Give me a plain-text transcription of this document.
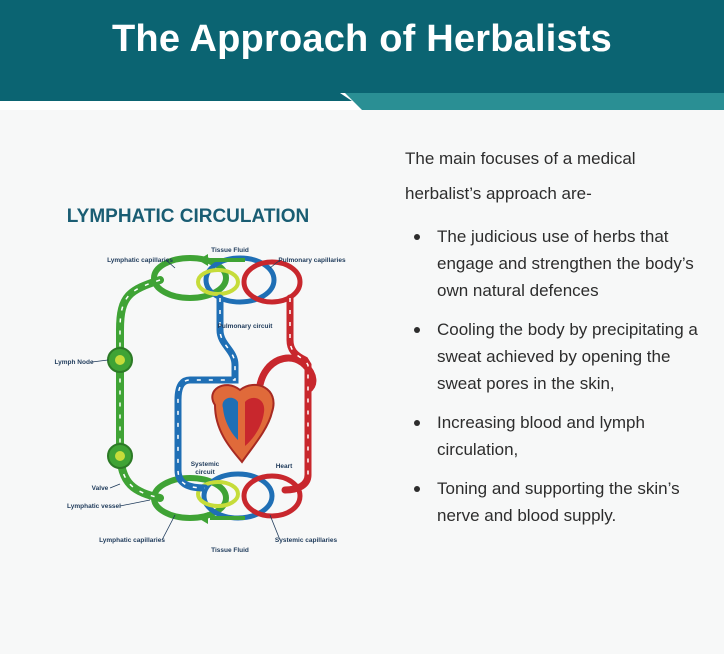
The Approach of Herbalists
LYMPHATIC CIRCULATION
Tissue Fluid
Lymphatic capillaries	Pulmonary capillaries
Pulmonary circuit
Lymph Node
Heart
Systemic
circuit
Valve
Lymphatic vessel
Lymphatic capillaries	Systemic capillaries
Tissue Fluid

The main focuses of a medical
herbalist’s approach are-

The judicious use of herbs that engage and strengthen the body’s own natural defences
Cooling the body by precipitating a sweat achieved by opening the sweat pores in the skin,
Increasing blood and lymph circulation,
Toning and supporting the skin’s nerve and blood supply.
